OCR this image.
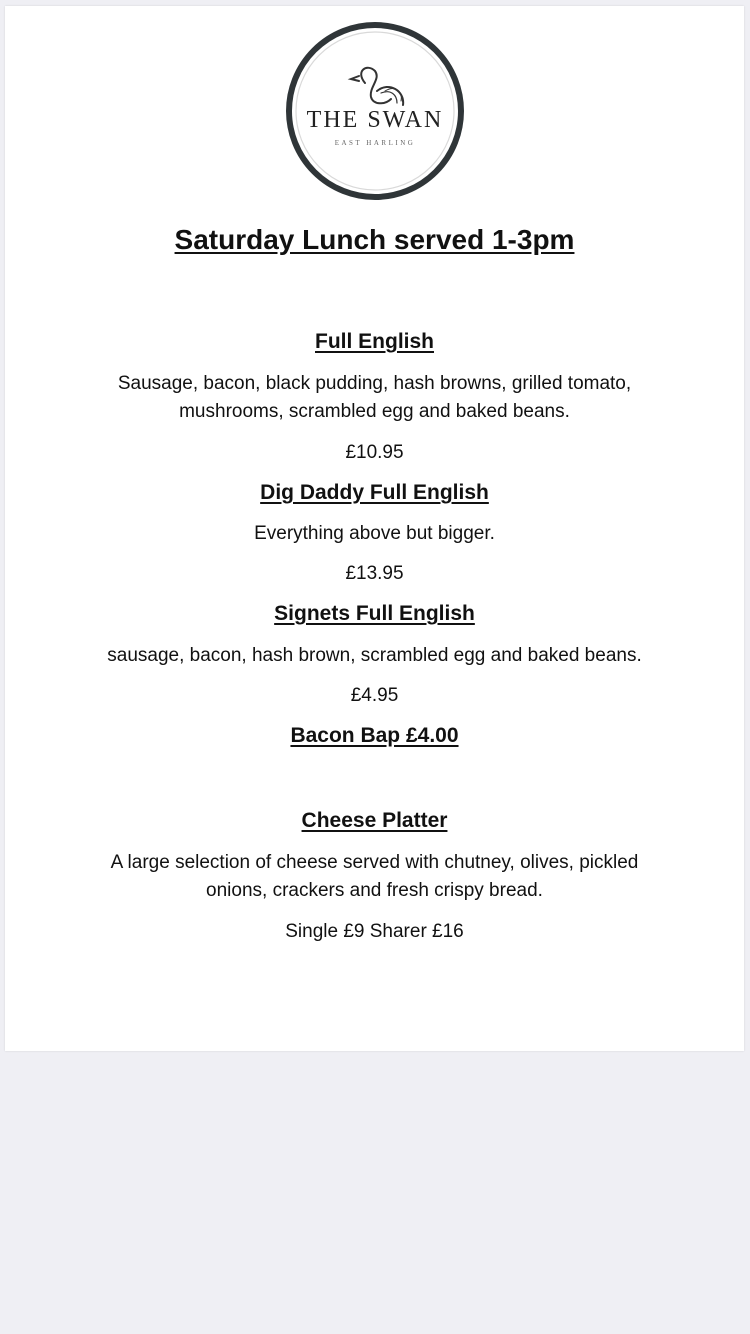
THE SWAN
EAST HARLING
Saturday Lunch served 1-3pm
Full English
Sausage, bacon, black pudding, hash browns, grilled tomato,
mushrooms, scrambled egg and baked beans.
£10.95
Dig Daddy Full English
Everything above but bigger.
£13.95
Signets Full English
sausage, bacon, hash brown, scrambled egg and baked beans.
£4.95
Bacon Bap £4.00
Cheese Platter
A large selection of cheese served with chutney, olives, pickled
onions, crackers and fresh crispy bread.
Single £9 Sharer £16
